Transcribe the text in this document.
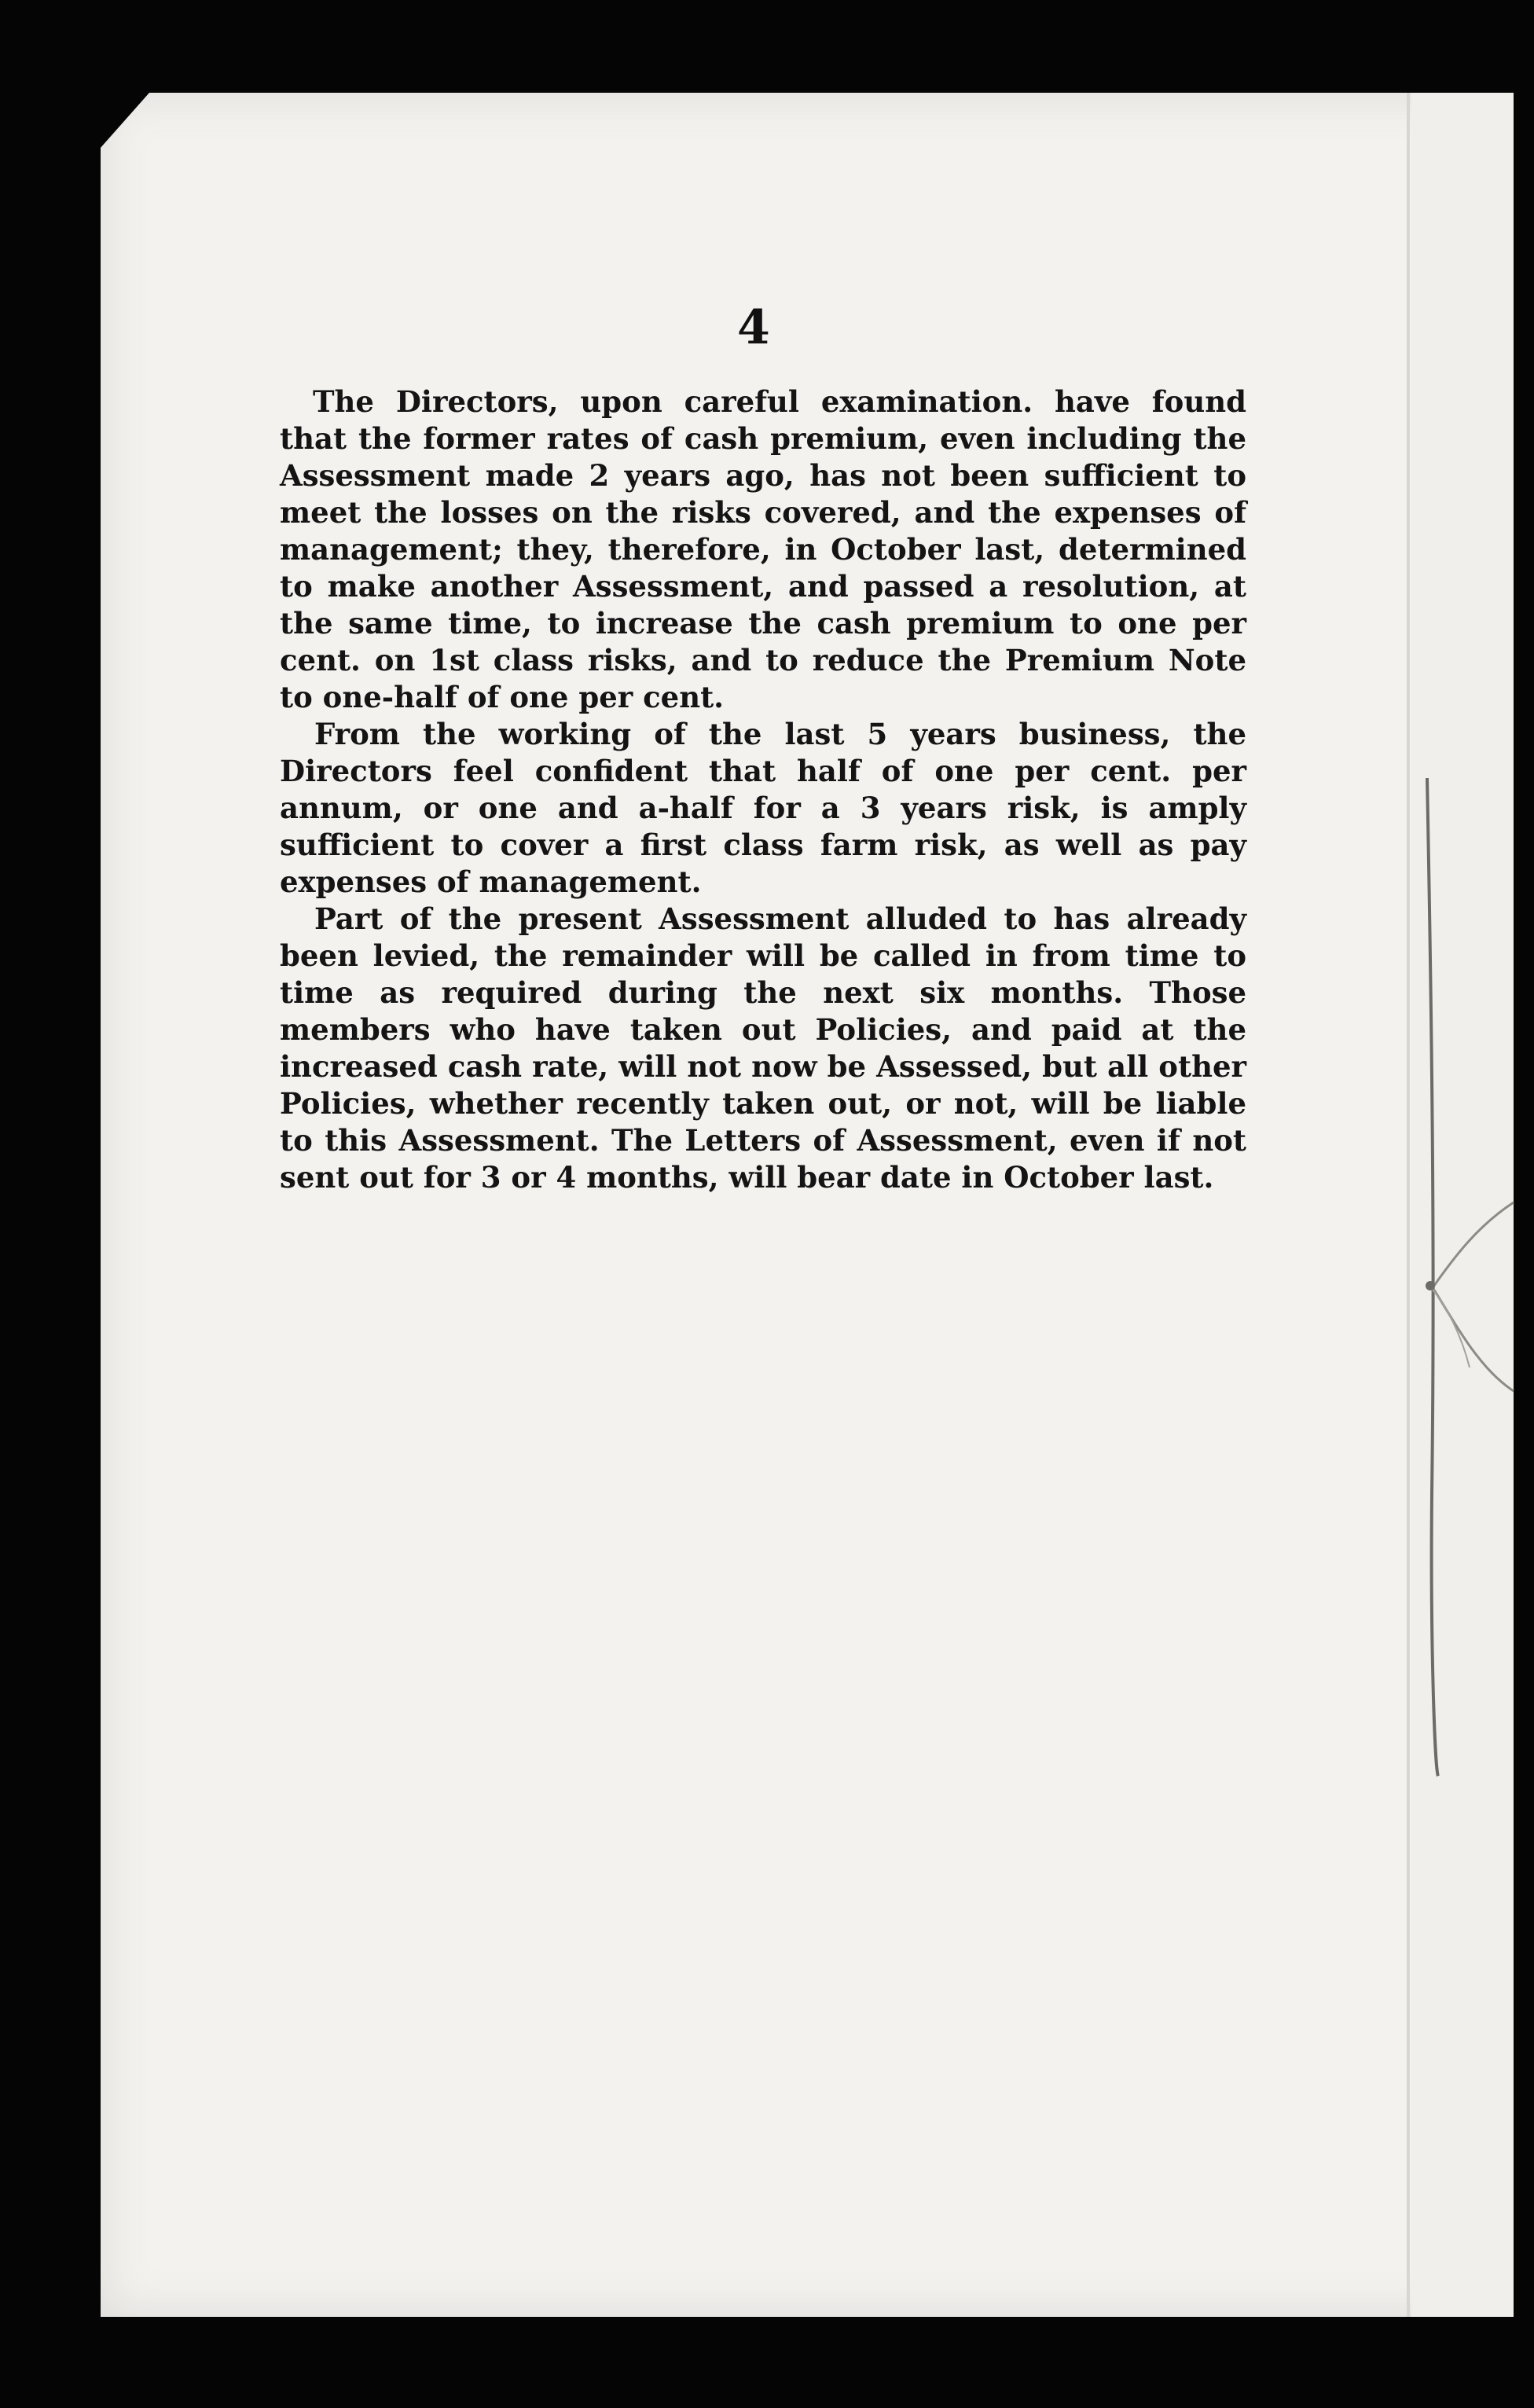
4

The Directors, upon careful examination. have found that the former rates of cash premium, even including the Assessment made 2 years ago, has not been sufficient to meet the losses on the risks covered, and the expenses of management; they, therefore, in October last, determined to make another Assessment, and passed a resolution, at the same time, to increase the cash premium to one per cent. on 1st class risks, and to reduce the Premium Note to one-half of one per cent.

From the working of the last 5 years business, the Directors feel confident that half of one per cent. per annum, or one and a-half for a 3 years risk, is amply sufficient to cover a first class farm risk, as well as pay expenses of management.

Part of the present Assessment alluded to has already been levied, the remainder will be called in from time to time as required during the next six months. Those members who have taken out Policies, and paid at the increased cash rate, will not now be Assessed, but all other Policies, whether recently taken out, or not, will be liable to this Assessment. The Letters of Assessment, even if not sent out for 3 or 4 months, will bear date in October last.
